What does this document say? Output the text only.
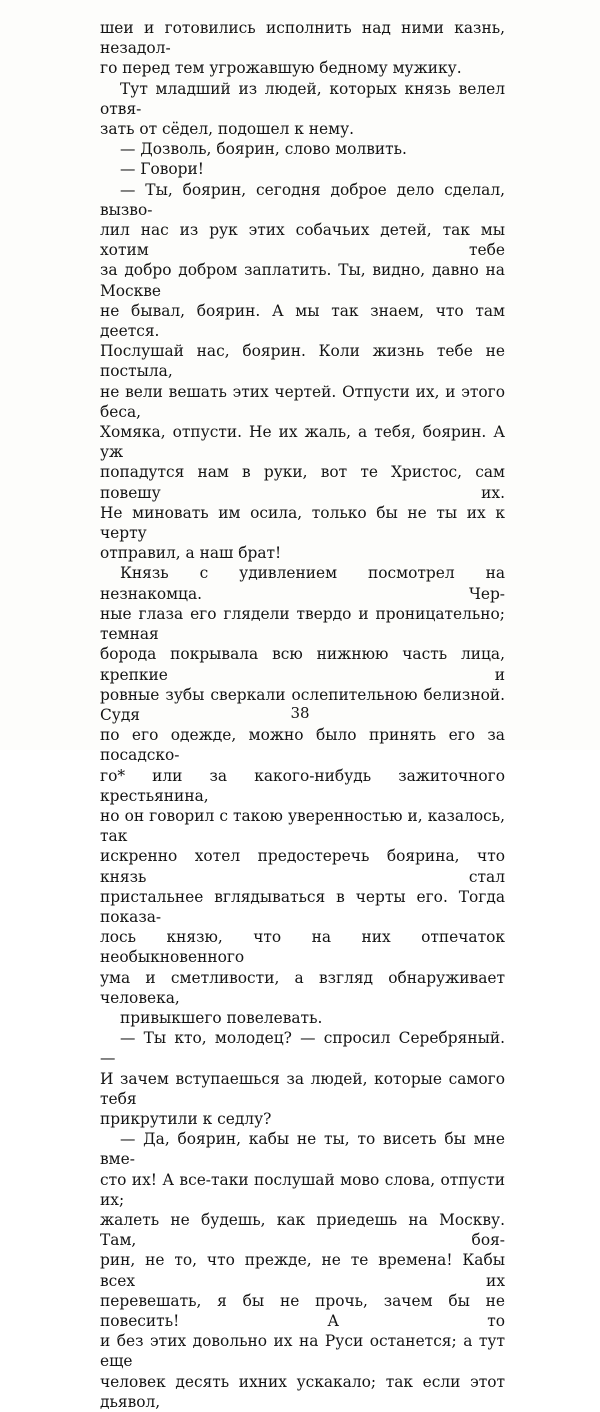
шеи и готовились исполнить над ними казнь, незадол-

го перед тем угрожавшую бедному мужику.

Тут младший из людей, которых князь велел отвя-

зать от сёдел, подошел к нему.

— Дозволь, боярин, слово молвить.

— Говори!

— Ты, боярин, сегодня доброе дело сделал, вызво-

лил нас из рук этих собачьих детей, так мы хотим тебе

за добро добром заплатить. Ты, видно, давно на Москве

не бывал, боярин. А мы так знаем, что там деется.

Послушай нас, боярин. Коли жизнь тебе не постыла,

не вели вешать этих чертей. Отпусти их, и этого беса,

Хомяка, отпусти. Не их жаль, а тебя, боярин. А уж

попадутся нам в руки, вот те Христос, сам повешу их.

Не миновать им осила, только бы не ты их к черту

отправил, а наш брат!

Князь с удивлением посмотрел на незнакомца. Чер-

ные глаза его глядели твердо и проницательно; темная

борода покрывала всю нижнюю часть лица, крепкие и

ровные зубы сверкали ослепительною белизной. Судя

по его одежде, можно было принять его за посадско-

го* или за какого-нибудь зажиточного крестьянина,

но он говорил с такою уверенностью и, казалось, так

искренно хотел предостеречь боярина, что князь стал

пристальнее вглядываться в черты его. Тогда показа-

лось князю, что на них отпечаток необыкновенного

ума и сметливости, а взгляд обнаруживает человека,

привыкшего повелевать.

— Ты кто, молодец? — спросил Серебряный. —

И зачем вступаешься за людей, которые самого тебя

прикрутили к седлу?

— Да, боярин, кабы не ты, то висеть бы мне вме-

сто их! А все-таки послушай мово слова, отпусти их;

жалеть не будешь, как приедешь на Москву. Там, боя-

рин, не то, что прежде, не те времена! Кабы всех их

перевешать, я бы не прочь, зачем бы не повесить! А то

и без этих довольно их на Руси останется; а тут еще

человек десять ихних ускакало; так если этот дьявол,

38
